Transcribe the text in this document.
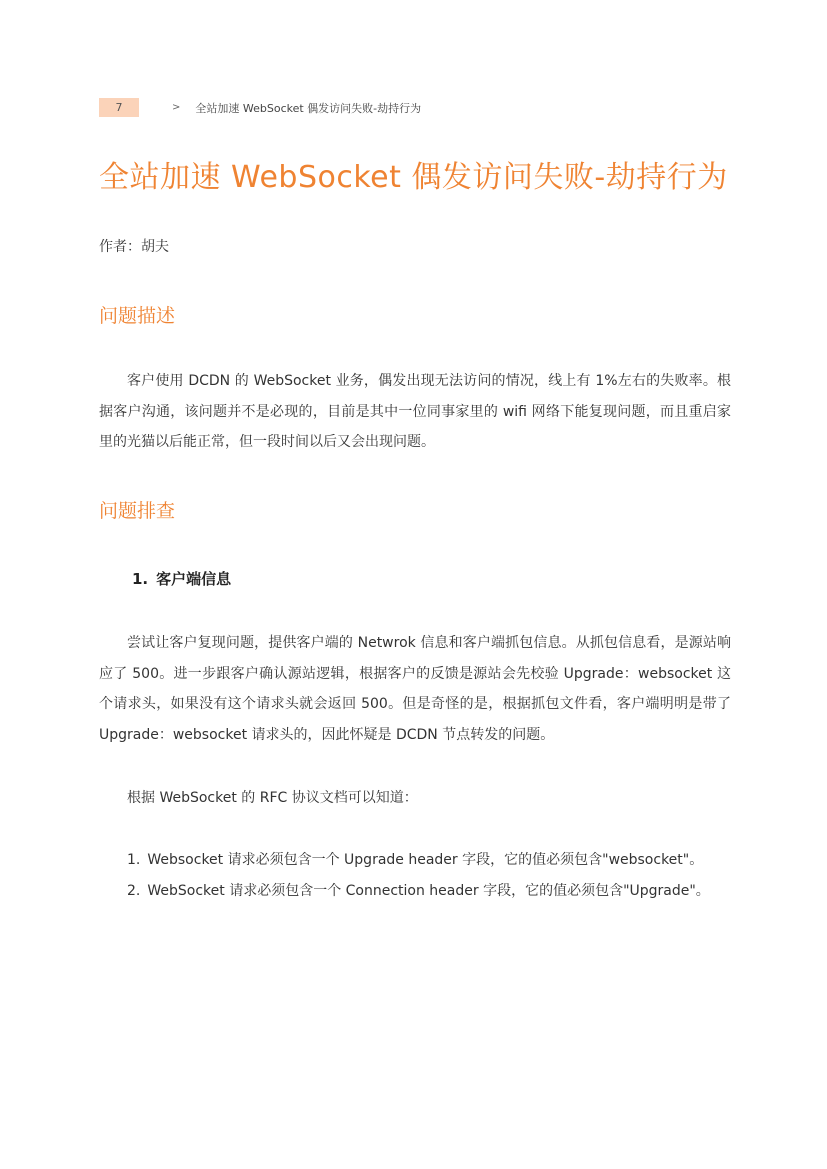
7	> 全站加速 WebSocket 偶发访问失败-劫持行为
全站加速 WebSocket 偶发访问失败-劫持行为
作者：胡夫
问题描述

客户使用 DCDN 的 WebSocket 业务，偶发出现无法访问的情况，线上有 1%左右的失败率。根据客户沟通，该问题并不是必现的，目前是其中一位同事家里的 wifi 网络下能复现问题，而且重启家里的光猫以后能正常，但一段时间以后又会出现问题。

问题排查
1. 客户端信息

尝试让客户复现问题，提供客户端的 Netwrok 信息和客户端抓包信息。从抓包信息看，是源站响应了 500。进一步跟客户确认源站逻辑，根据客户的反馈是源站会先校验 Upgrade：websocket 这个请求头，如果没有这个请求头就会返回 500。但是奇怪的是，根据抓包文件看，客户端明明是带了 Upgrade：websocket 请求头的，因此怀疑是 DCDN 节点转发的问题。

根据 WebSocket 的 RFC 协议文档可以知道：

1. Websocket 请求必须包含一个 Upgrade header 字段，它的值必须包含"websocket"。
2. WebSocket 请求必须包含一个 Connection header 字段，它的值必须包含"Upgrade"。
